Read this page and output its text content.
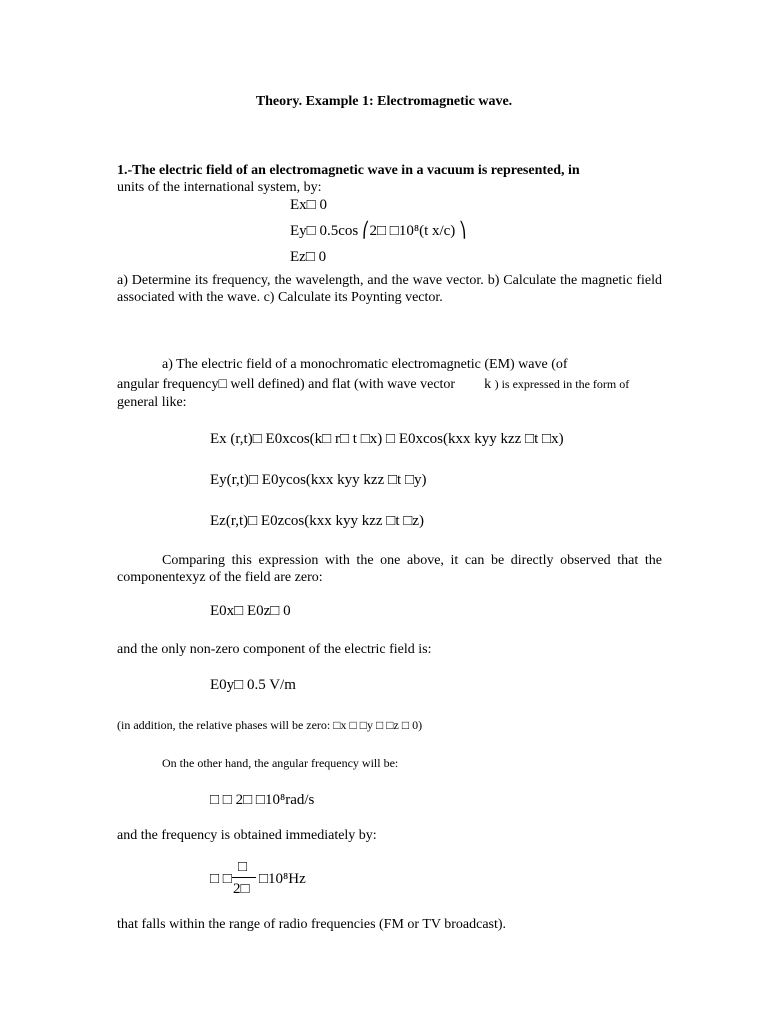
Theory. Example 1: Electromagnetic wave.
1.-The electric field of an electromagnetic wave in a vacuum is represented, in
units of the international system, by:
Ex□ 0
Ey□ 0.5cos ⎛2□ □10⁸(t x/c) ⎞
Ez□ 0
a) Determine its frequency, the wavelength, and the wave vector. b) Calculate the magnetic field associated with the wave. c) Calculate its Poynting vector.
a) The electric field of a monochromatic electromagnetic (EM) wave (of
angular frequency□ well defined) and flat (with wave vector k ) is expressed in the form of
general like:
Ex (r,t)□ E0xcos(k□ r□ t □x) □ E0xcos(kxx kyy kzz □t □x)
Ey(r,t)□ E0ycos(kxx kyy kzz □t □y)
Ez(r,t)□ E0zcos(kxx kyy kzz □t □z)
Comparing this expression with the one above, it can be directly observed that the componentexyz of the field are zero:
E0x□ E0z□ 0
and the only non-zero component of the electric field is:
E0y□ 0.5 V/m
(in addition, the relative phases will be zero: □x □ □y □ □z □ 0)
On the other hand, the angular frequency will be:
□ □ 2□ □10⁸rad/s
and the frequency is obtained immediately by:
□ □
□
2□
□10⁸Hz
that falls within the range of radio frequencies (FM or TV broadcast).
